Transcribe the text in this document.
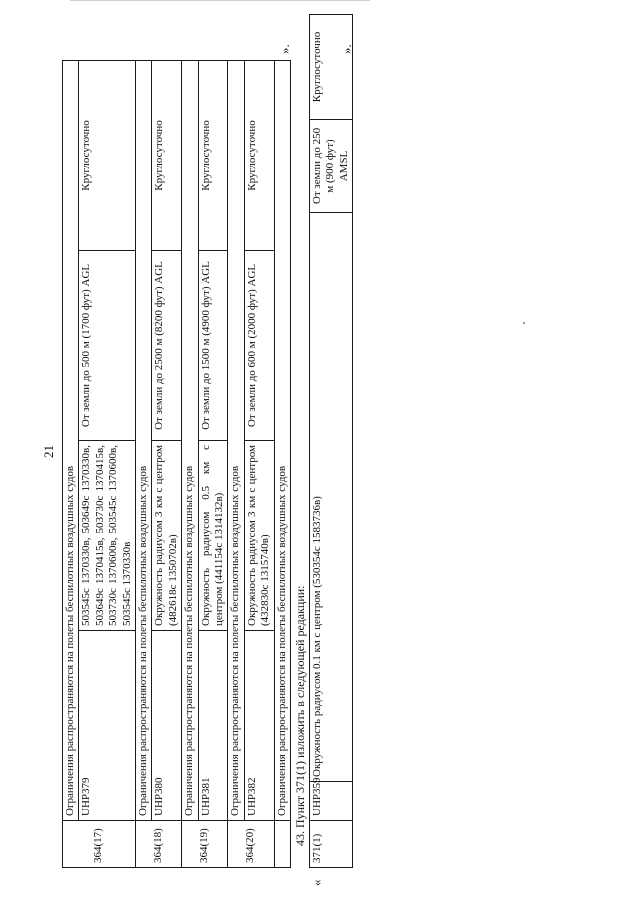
21
364(17)	Ограничения распространяются на полеты беспилотных воздушных судов			
	UHP379	503545с 1370330в, 503649с 1370330в, 503649с 1370415в, 503730с 1370415в, 503730с 1370600в, 503545с 1370600в, 503545с 1370330в	От земли до 500 м (1700 фут) AGL	Круглосуточно
364(18)	Ограничения распространяются на полеты беспилотных воздушных судов			
	UHP380	Окружность радиусом 3 км с центром (482618с 1350702в)	От земли до 2500 м (8200 фут) AGL	Круглосуточно
364(19)	Ограничения распространяются на полеты беспилотных воздушных судов			
	UHP381	Окружность радиусом 0.5 км с центром (441154с 1314132в)	От земли до 1500 м (4900 фут) AGL	Круглосуточно
364(20)	Ограничения распространяются на полеты беспилотных воздушных судов			
	UHP382	Окружность радиусом 3 км с центром (432830с 1315740в)	От земли до 600 м (2000 фут) AGL	Круглосуточно
	Ограничения распространяются на полеты беспилотных воздушных судов			
».
43. Пункт 371(1) изложить в следующей редакции:
«
371(1)	UHP359	Окружность радиусом 0.1 км с центром (530354с 1583736в)	От земли до 250 м (900 фут) AMSL	Круглосуточно ».
